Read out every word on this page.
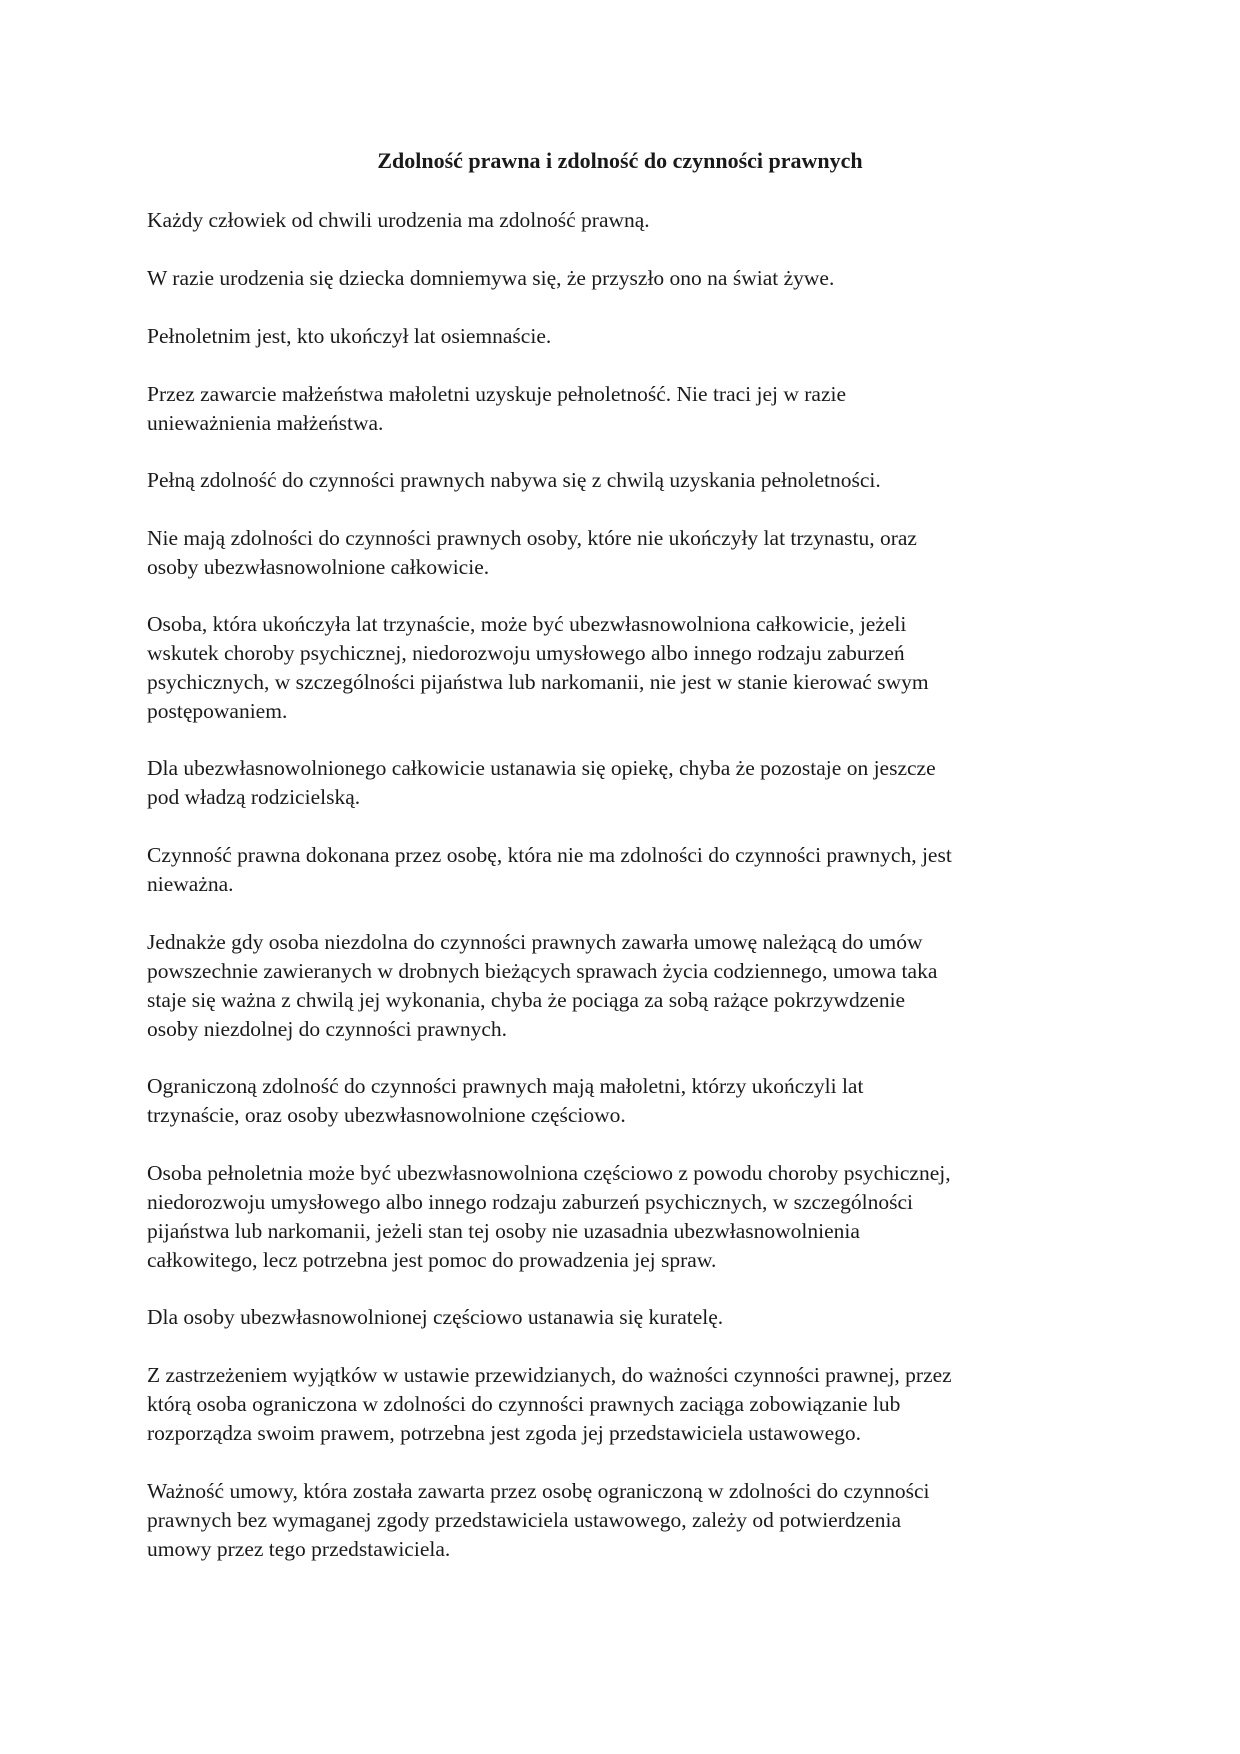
Zdolność prawna i zdolność do czynności prawnych

Każdy człowiek od chwili urodzenia ma zdolność prawną.

W razie urodzenia się dziecka domniemywa się, że przyszło ono na świat żywe.

Pełnoletnim jest, kto ukończył lat osiemnaście.

Przez zawarcie małżeństwa małoletni uzyskuje pełnoletność. Nie traci jej w razie
unieważnienia małżeństwa.

Pełną zdolność do czynności prawnych nabywa się z chwilą uzyskania pełnoletności.

Nie mają zdolności do czynności prawnych osoby, które nie ukończyły lat trzynastu, oraz
osoby ubezwłasnowolnione całkowicie.

Osoba, która ukończyła lat trzynaście, może być ubezwłasnowolniona całkowicie, jeżeli
wskutek choroby psychicznej, niedorozwoju umysłowego albo innego rodzaju zaburzeń
psychicznych, w szczególności pijaństwa lub narkomanii, nie jest w stanie kierować swym
postępowaniem.

Dla ubezwłasnowolnionego całkowicie ustanawia się opiekę, chyba że pozostaje on jeszcze
pod władzą rodzicielską.

Czynność prawna dokonana przez osobę, która nie ma zdolności do czynności prawnych, jest
nieważna.

Jednakże gdy osoba niezdolna do czynności prawnych zawarła umowę należącą do umów
powszechnie zawieranych w drobnych bieżących sprawach życia codziennego, umowa taka
staje się ważna z chwilą jej wykonania, chyba że pociąga za sobą rażące pokrzywdzenie
osoby niezdolnej do czynności prawnych.

Ograniczoną zdolność do czynności prawnych mają małoletni, którzy ukończyli lat
trzynaście, oraz osoby ubezwłasnowolnione częściowo.

Osoba pełnoletnia może być ubezwłasnowolniona częściowo z powodu choroby psychicznej,
niedorozwoju umysłowego albo innego rodzaju zaburzeń psychicznych, w szczególności
pijaństwa lub narkomanii, jeżeli stan tej osoby nie uzasadnia ubezwłasnowolnienia
całkowitego, lecz potrzebna jest pomoc do prowadzenia jej spraw.

Dla osoby ubezwłasnowolnionej częściowo ustanawia się kuratelę.

Z zastrzeżeniem wyjątków w ustawie przewidzianych, do ważności czynności prawnej, przez
którą osoba ograniczona w zdolności do czynności prawnych zaciąga zobowiązanie lub
rozporządza swoim prawem, potrzebna jest zgoda jej przedstawiciela ustawowego.

Ważność umowy, która została zawarta przez osobę ograniczoną w zdolności do czynności
prawnych bez wymaganej zgody przedstawiciela ustawowego, zależy od potwierdzenia
umowy przez tego przedstawiciela.
